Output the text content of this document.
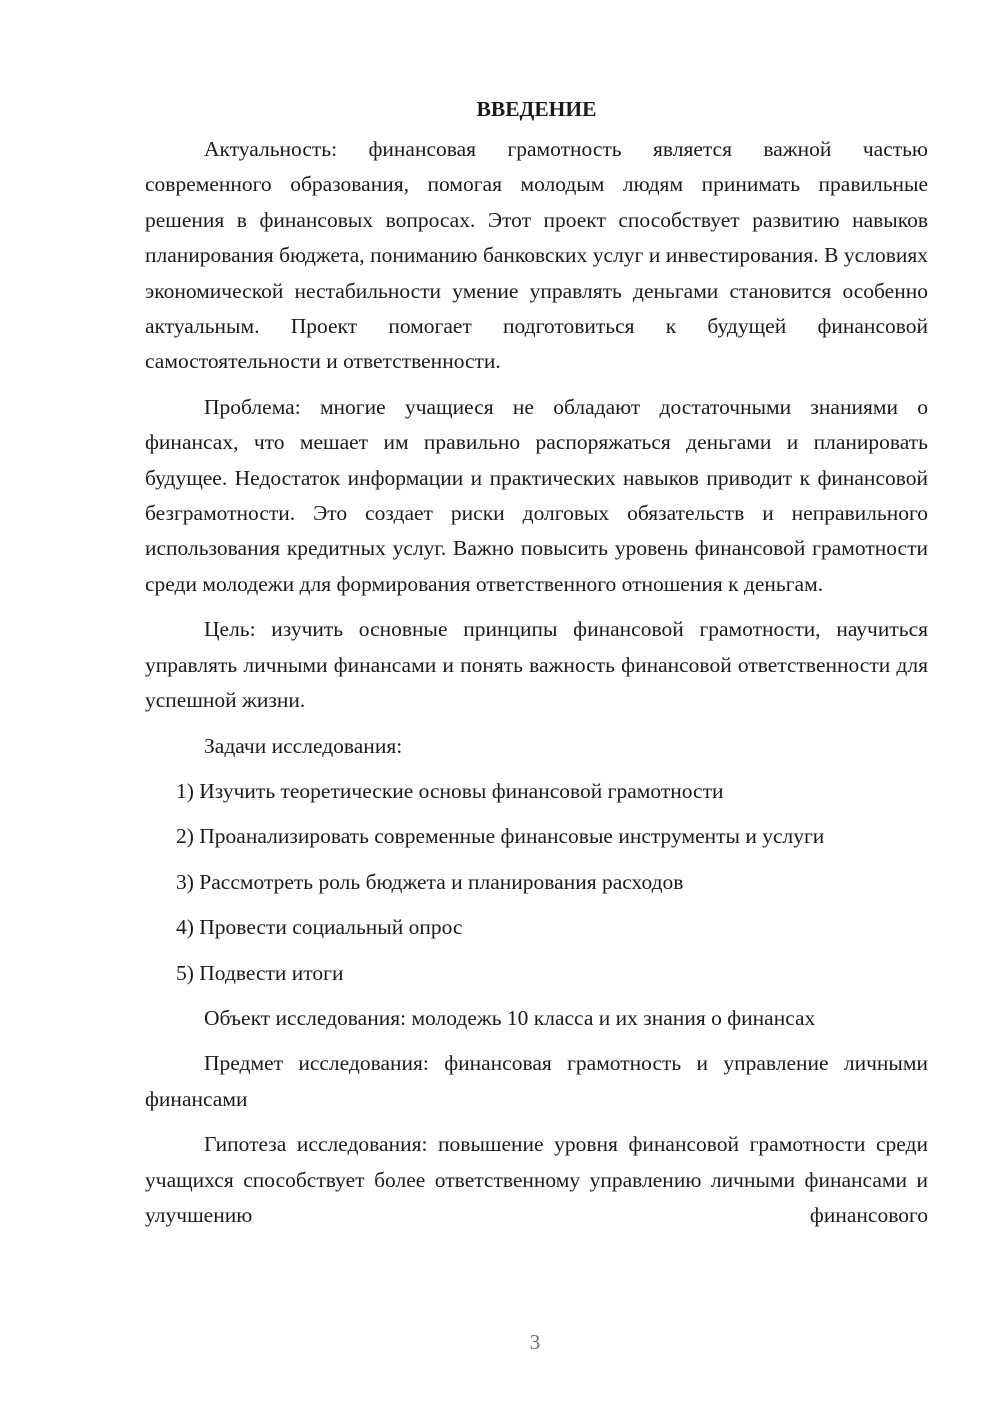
ВВЕДЕНИЕ

Актуальность: финансовая грамотность является важной частью современного образования, помогая молодым людям принимать правильные решения в финансовых вопросах. Этот проект способствует развитию навыков планирования бюджета, пониманию банковских услуг и инвестирования. В условиях экономической нестабильности умение управлять деньгами становится особенно актуальным. Проект помогает подготовиться к будущей финансовой самостоятельности и ответственности.

Проблема: многие учащиеся не обладают достаточными знаниями о финансах, что мешает им правильно распоряжаться деньгами и планировать будущее. Недостаток информации и практических навыков приводит к финансовой безграмотности. Это создает риски долговых обязательств и неправильного использования кредитных услуг. Важно повысить уровень финансовой грамотности среди молодежи для формирования ответственного отношения к деньгам.

Цель: изучить основные принципы финансовой грамотности, научиться управлять личными финансами и понять важность финансовой ответственности для успешной жизни.

Задачи исследования:
1) Изучить теоретические основы финансовой грамотности
2) Проанализировать современные финансовые инструменты и услуги
3) Рассмотреть роль бюджета и планирования расходов
4) Провести социальный опрос
5) Подвести итоги
Объект исследования: молодежь 10 класса и их знания о финансах

Предмет исследования: финансовая грамотность и управление личными финансами

Гипотеза исследования: повышение уровня финансовой грамотности среди учащихся способствует более ответственному управлению личными финансами и улучшению финансового

3
